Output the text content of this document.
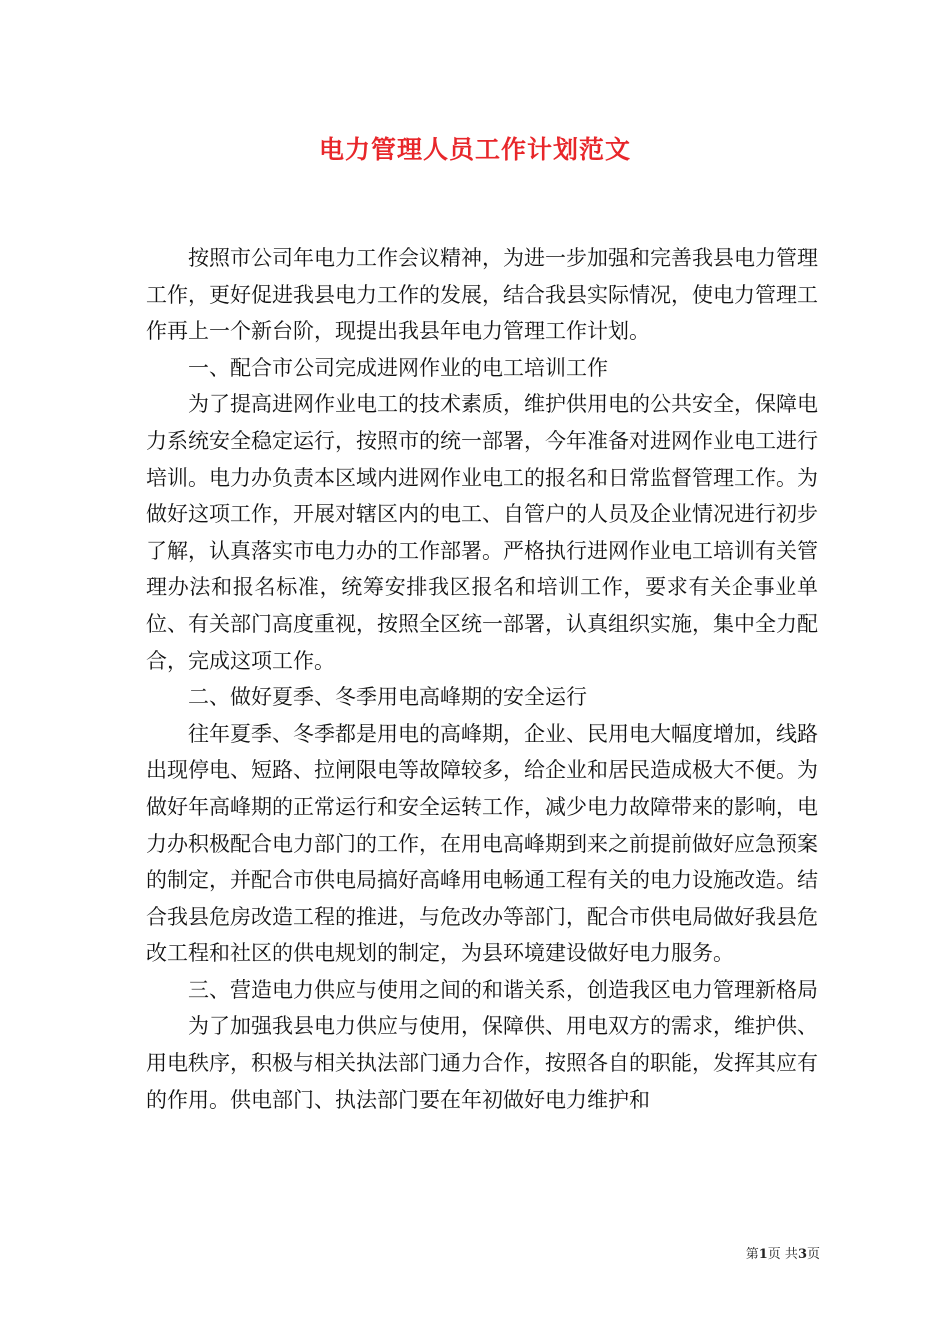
电力管理人员工作计划范文

按照市公司年电力工作会议精神，为进一步加强和完善我县电力管理工作，更好促进我县电力工作的发展，结合我县实际情况，使电力管理工作再上一个新台阶，现提出我县年电力管理工作计划。

一、配合市公司完成进网作业的电工培训工作

为了提高进网作业电工的技术素质，维护供用电的公共安全，保障电力系统安全稳定运行，按照市的统一部署，今年准备对进网作业电工进行培训。电力办负责本区域内进网作业电工的报名和日常监督管理工作。为做好这项工作，开展对辖区内的电工、自管户的人员及企业情况进行初步了解，认真落实市电力办的工作部署。严格执行进网作业电工培训有关管理办法和报名标准，统筹安排我区报名和培训工作，要求有关企事业单位、有关部门高度重视，按照全区统一部署，认真组织实施，集中全力配合，完成这项工作。

二、做好夏季、冬季用电高峰期的安全运行

往年夏季、冬季都是用电的高峰期，企业、民用电大幅度增加，线路出现停电、短路、拉闸限电等故障较多，给企业和居民造成极大不便。为做好年高峰期的正常运行和安全运转工作，减少电力故障带来的影响，电力办积极配合电力部门的工作，在用电高峰期到来之前提前做好应急预案的制定，并配合市供电局搞好高峰用电畅通工程有关的电力设施改造。结合我县危房改造工程的推进，与危改办等部门，配合市供电局做好我县危改工程和社区的供电规划的制定，为县环境建设做好电力服务。

三、营造电力供应与使用之间的和谐关系，创造我区电力管理新格局

为了加强我县电力供应与使用，保障供、用电双方的需求，维护供、用电秩序，积极与相关执法部门通力合作，按照各自的职能，发挥其应有的作用。供电部门、执法部门要在年初做好电力维护和

第1页 共3页
